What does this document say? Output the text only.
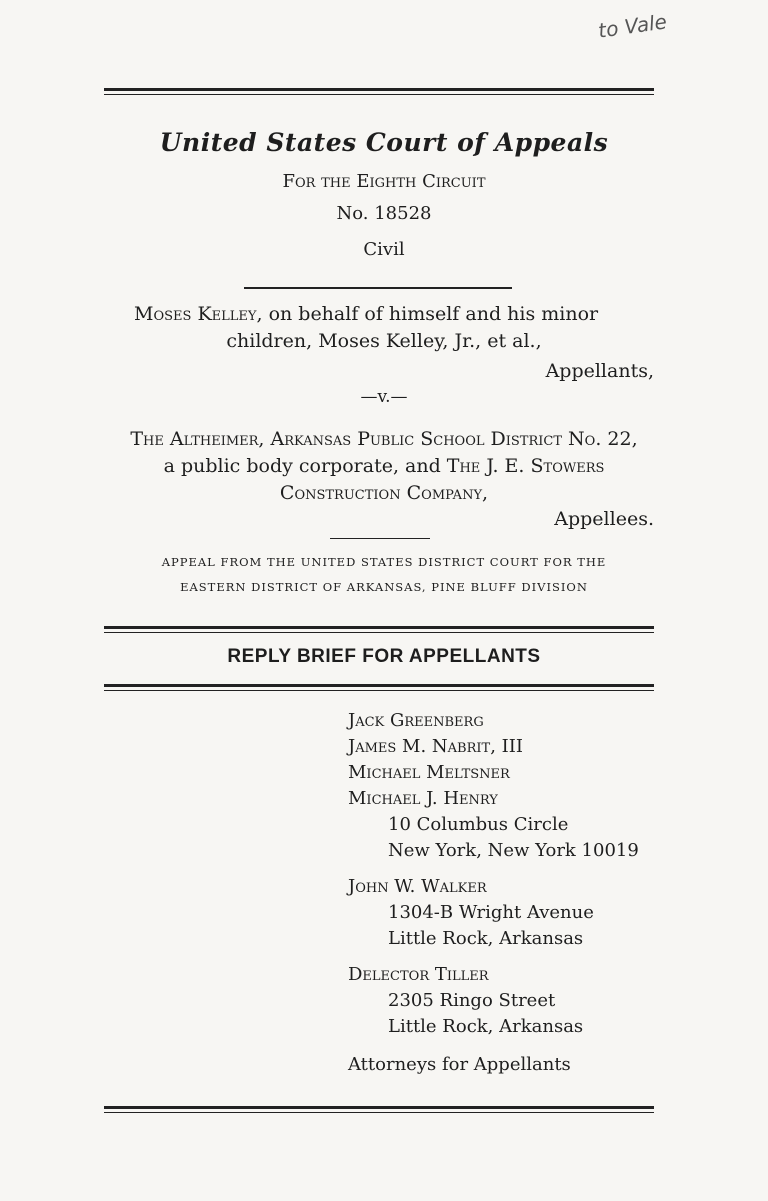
to Vale
United States Court of Appeals
For the Eighth Circuit
No. 18528
Civil
Moses Kelley, on behalf of himself and his minor
children, Moses Kelley, Jr., et al.,
Appellants,
—v.—
The Altheimer, Arkansas Public School District No. 22,
a public body corporate, and The J. E. Stowers
Construction Company,
Appellees.
APPEAL FROM THE UNITED STATES DISTRICT COURT FOR THE
EASTERN DISTRICT OF ARKANSAS, PINE BLUFF DIVISION
REPLY BRIEF FOR APPELLANTS
Jack Greenberg
James M. Nabrit, III
Michael Meltsner
Michael J. Henry
10 Columbus Circle
New York, New York 10019
John W. Walker
1304-B Wright Avenue
Little Rock, Arkansas
Delector Tiller
2305 Ringo Street
Little Rock, Arkansas
Attorneys for Appellants
